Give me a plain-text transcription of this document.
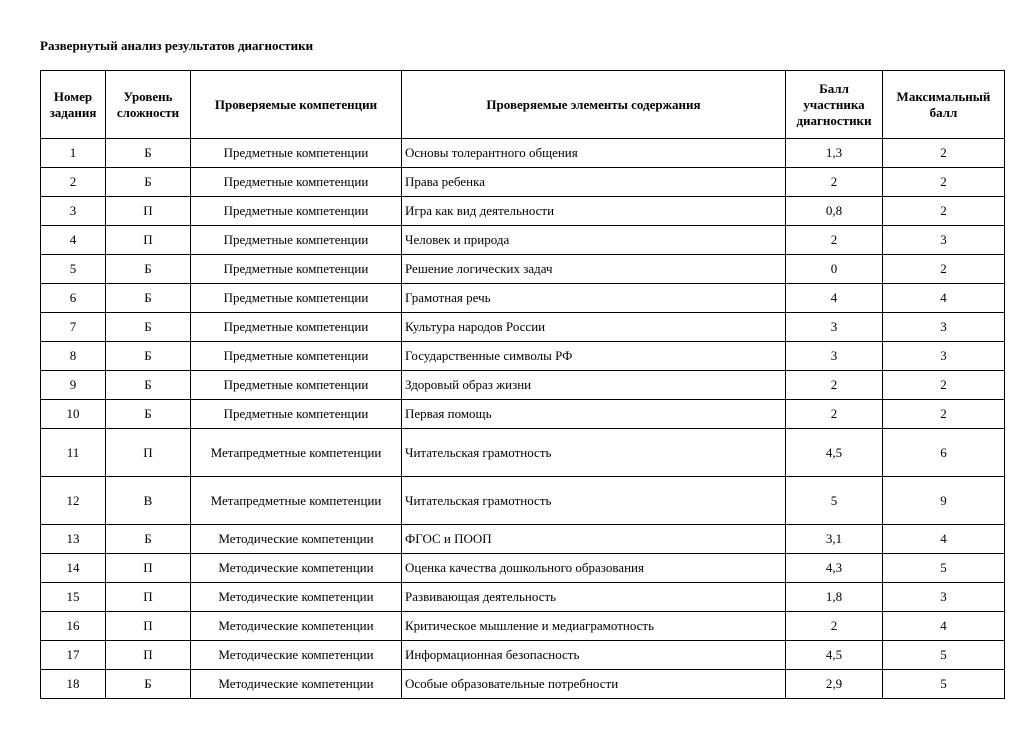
Развернутый анализ результатов диагностики
Номер задания	Уровень сложности	Проверяемые компетенции	Проверяемые элементы содержания	Балл участника диагностики	Максимальный балл
1	Б	Предметные компетенции	Основы толерантного общения	1,3	2
2	Б	Предметные компетенции	Права ребенка	2	2
3	П	Предметные компетенции	Игра как вид деятельности	0,8	2
4	П	Предметные компетенции	Человек и природа	2	3
5	Б	Предметные компетенции	Решение логических задач	0	2
6	Б	Предметные компетенции	Грамотная речь	4	4
7	Б	Предметные компетенции	Культура народов России	3	3
8	Б	Предметные компетенции	Государственные символы РФ	3	3
9	Б	Предметные компетенции	Здоровый образ жизни	2	2
10	Б	Предметные компетенции	Первая помощь	2	2
11	П	Метапредметные компетенции	Читательская грамотность	4,5	6
12	В	Метапредметные компетенции	Читательская грамотность	5	9
13	Б	Методические компетенции	ФГОС и ПООП	3,1	4
14	П	Методические компетенции	Оценка качества дошкольного образования	4,3	5
15	П	Методические компетенции	Развивающая деятельность	1,8	3
16	П	Методические компетенции	Критическое мышление и медиаграмотность	2	4
17	П	Методические компетенции	Информационная безопасность	4,5	5
18	Б	Методические компетенции	Особые образовательные потребности	2,9	5
